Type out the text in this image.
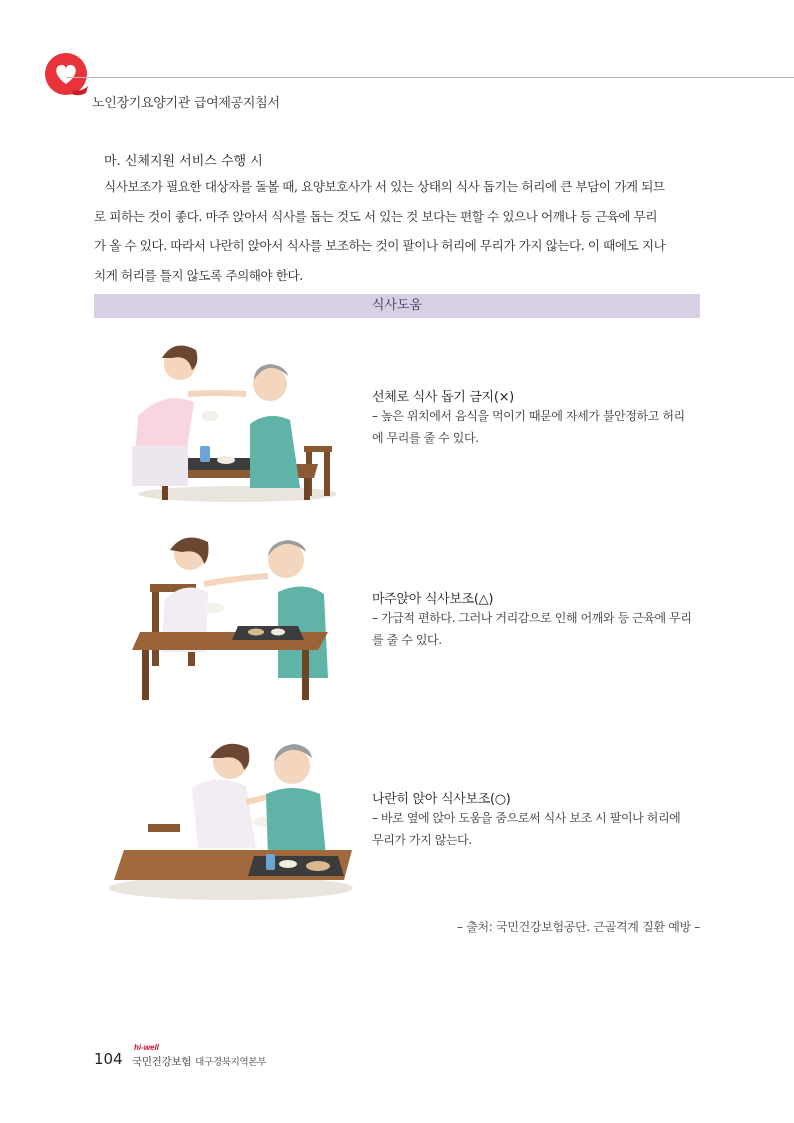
노인장기요양기관 급여제공지침서
마. 신체지원 서비스 수행 시
식사보조가 필요한 대상자를 돌볼 때, 요양보호사가 서 있는 상태의 식사 돕기는 허리에 큰 부담이 가게 되므
로 피하는 것이 좋다. 마주 앉아서 식사를 돕는 것도 서 있는 것 보다는 편할 수 있으나 어깨나 등 근육에 무리
가 올 수 있다. 따라서 나란히 앉아서 식사를 보조하는 것이 팔이나 허리에 무리가 가지 않는다. 이 때에도 지나
치게 허리를 틀지 않도록 주의해야 한다.
식사도움
선체로 식사 돕기 금지(×)
– 높은 위치에서 음식을 먹이기 때문에 자세가 불안정하고 허리
에 무리를 줄 수 있다.
마주앉아 식사보조(△)
– 가급적 편하다. 그러나 거리감으로 인해 어깨와 등 근육에 무리
를 줄 수 있다.
나란히 앉아 식사보조(○)
– 바로 옆에 앉아 도움을 줌으로써 식사 보조 시 팔이나 허리에
무리가 가지 않는다.
– 출처: 국민건강보험공단. 근골격계 질환 예방 –
104
hi-well
국민건강보험 대구경북지역본부
